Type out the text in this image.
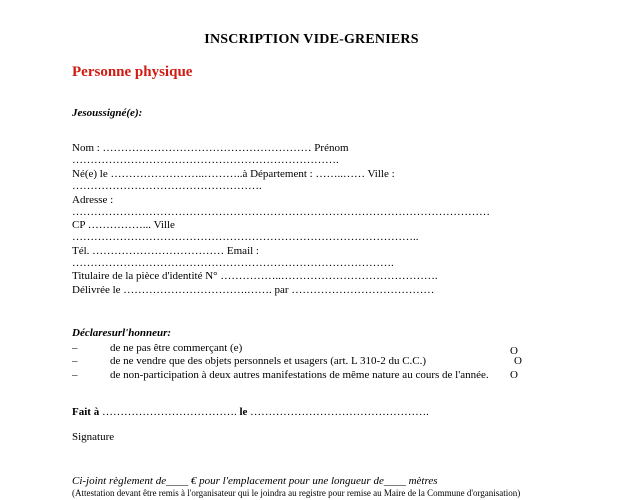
INSCRIPTION VIDE-GRENIERS
Personne physique
Jesoussigné(e):
Nom : ………………………………………………… Prénom
……………………………………………………………….
Né(e) le ……………………..………..à Département : ……..…… Ville :
…………………………………………….
Adresse :
……………………………………………………………………………………………………
CP ……………... Ville
…………………………………………………………………………………..
Tél. ……………………………… Email :
…………………………………………………………………………….
Titulaire de la pièce d'identité N° ……………..…………………………………….
Délivrée le …………………………….……. par …………………………………
Déclaresurl'honneur:
–	de ne pas être commerçant (e)	O
–	de ne vendre que des objets personnels et usagers (art. L 310-2 du C.C.)	O
–	de non-participation à deux autres manifestations de même nature au cours de l'année. O
Fait à ………………………………. le ………………………………………….
Signature
Ci-joint règlement de____ € pour l'emplacement pour une longueur de____ mètres
(Attestation devant être remis à l'organisateur qui le joindra au registre pour remise au Maire de la Commune d'organisation)
